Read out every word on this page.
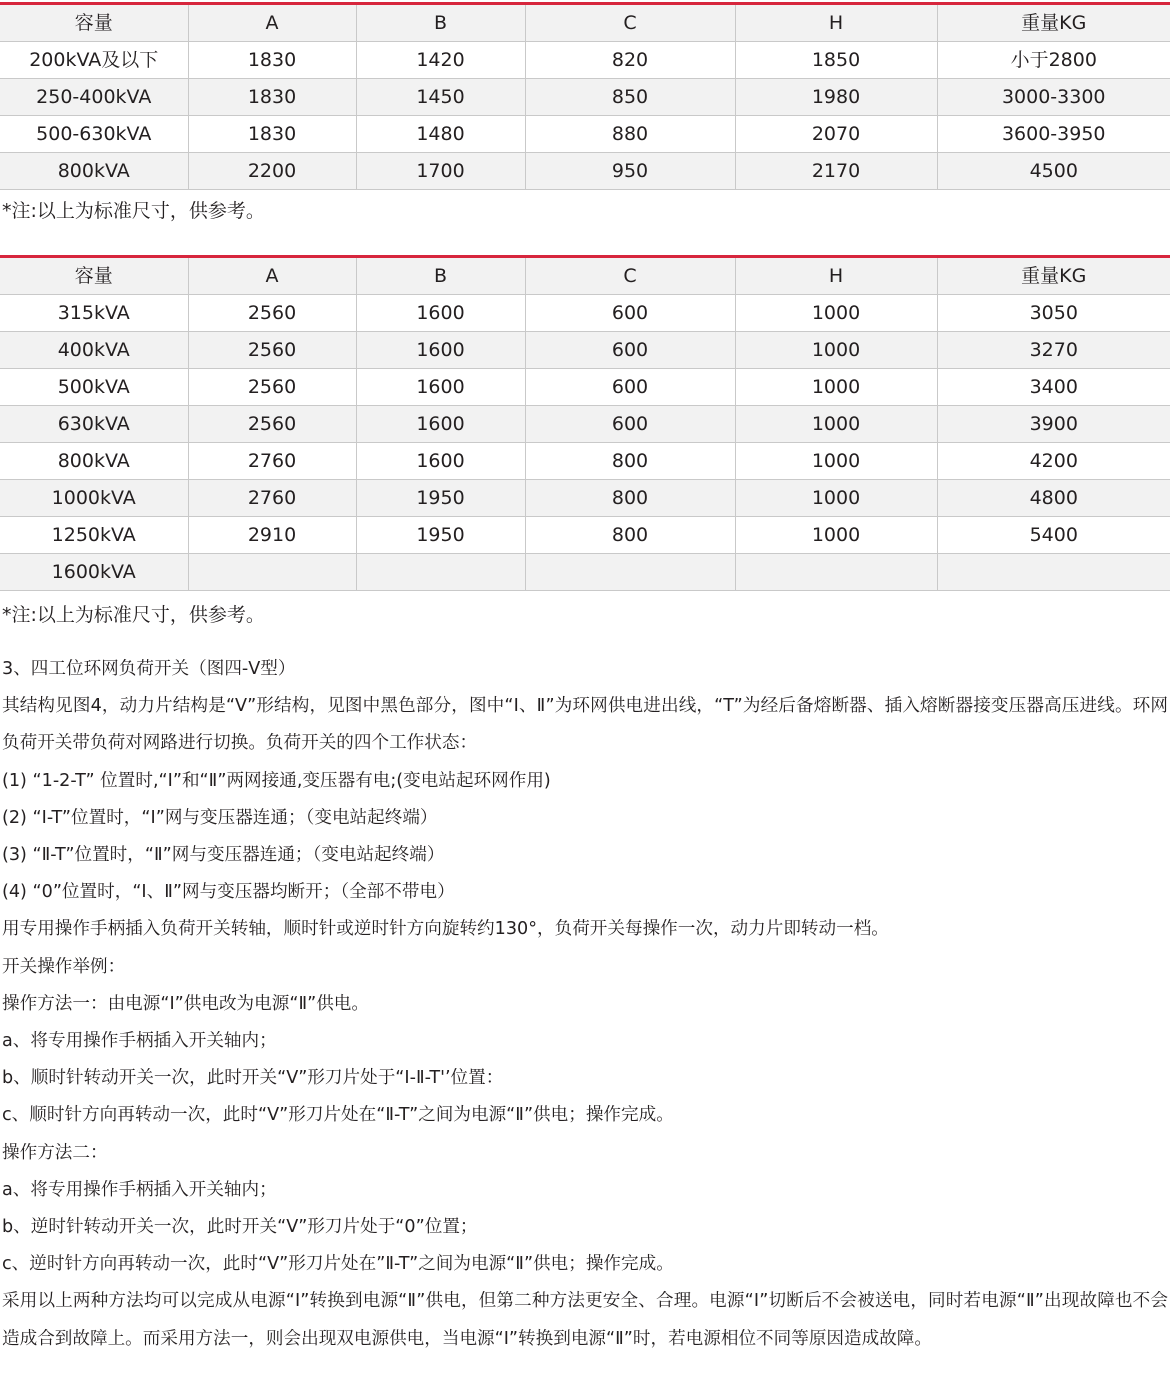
容量	A	B	C	H	重量KG
200kVA及以下	1830	1420	820	1850	小于2800
250-400kVA	1830	1450	850	1980	3000-3300
500-630kVA	1830	1480	880	2070	3600-3950
800kVA	2200	1700	950	2170	4500
*注:以上为标准尺寸，供参考。
容量	A	B	C	H	重量KG
315kVA	2560	1600	600	1000	3050
400kVA	2560	1600	600	1000	3270
500kVA	2560	1600	600	1000	3400
630kVA	2560	1600	600	1000	3900
800kVA	2760	1600	800	1000	4200
1000kVA	2760	1950	800	1000	4800
1250kVA	2910	1950	800	1000	5400
1600kVA					
*注:以上为标准尺寸，供参考。

3、四工位环网负荷开关（图四-V型）

其结构见图4，动力片结构是“V”形结构，见图中黑色部分，图中“Ⅰ、Ⅱ”为环网供电进出线，“T”为经后备熔断器、插入熔断器接变压器高压进线。环网负荷开关带负荷对网路进行切换。负荷开关的四个工作状态：

(1) “1-2-T” 位置时,“Ⅰ”和“Ⅱ”两网接通,变压器有电;(变电站起环网作用)

(2) “Ⅰ-T”位置时，“Ⅰ”网与变压器连通；（变电站起终端）

(3) “Ⅱ-T”位置时，“Ⅱ”网与变压器连通；（变电站起终端）

(4) “0”位置时，“Ⅰ、Ⅱ”网与变压器均断开；（全部不带电）

用专用操作手柄插入负荷开关转轴，顺时针或逆时针方向旋转约130°，负荷开关每操作一次，动力片即转动一档。

开关操作举例：

操作方法一：由电源“Ⅰ”供电改为电源“Ⅱ”供电。

a、将专用操作手柄插入开关轴内；

b、顺时针转动开关一次，此时开关“V”形刀片处于“Ⅰ-Ⅱ-T'’位置：

c、顺时针方向再转动一次，此时“V”形刀片处在“Ⅱ-T”之间为电源“Ⅱ”供电；操作完成。

操作方法二：

a、将专用操作手柄插入开关轴内；

b、逆时针转动开关一次，此时开关“V”形刀片处于“0”位置；

c、逆时针方向再转动一次，此时“V”形刀片处在”Ⅱ-T”之间为电源“Ⅱ”供电；操作完成。

采用以上两种方法均可以完成从电源“Ⅰ”转换到电源“Ⅱ”供电，但第二种方法更安全、合理。电源“Ⅰ”切断后不会被送电，同时若电源“Ⅱ”出现故障也不会造成合到故障上。而采用方法一，则会出现双电源供电，当电源“Ⅰ”转换到电源“Ⅱ”时，若电源相位不同等原因造成故障。
